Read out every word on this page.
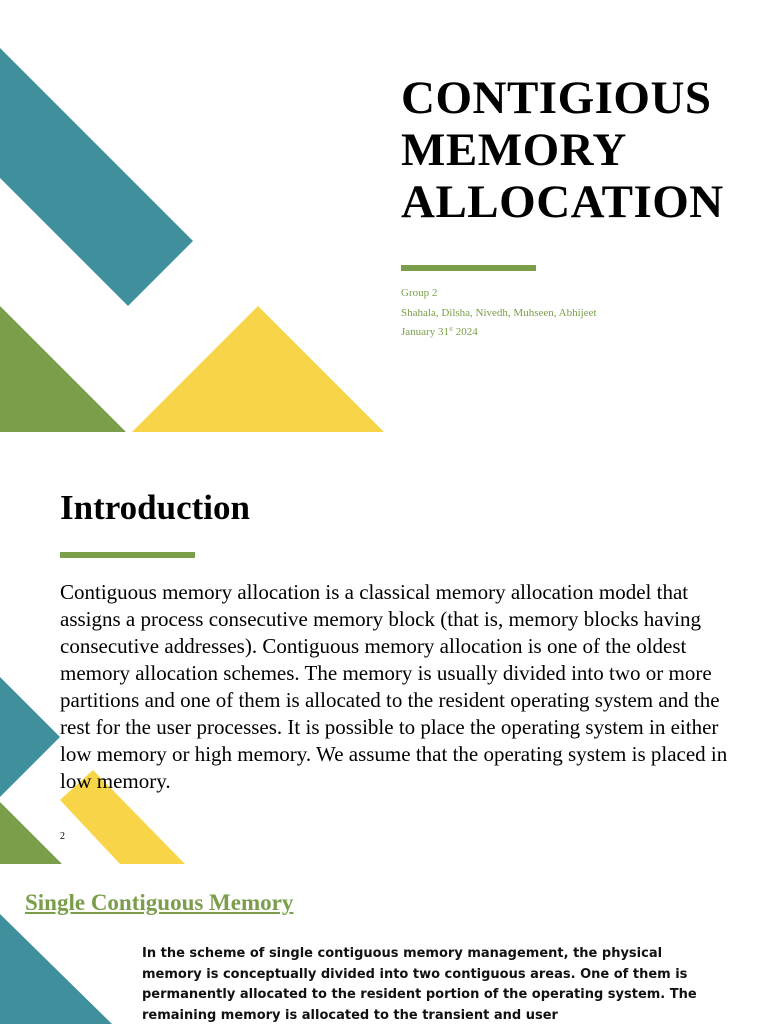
CONTIGIOUS
MEMORY
ALLOCATION
Group 2
Shahala, Dilsha, Nivedh, Muhseen, Abhijeet
January 31st 2024
Introduction

Contiguous memory allocation is a classical memory allocation model that assigns a process consecutive memory block (that is, memory blocks having consecutive addresses). Contiguous memory allocation is one of the oldest memory allocation schemes. The memory is usually divided into two or more partitions and one of them is allocated to the resident operating system and the rest for the user processes. It is possible to place the operating system in either low memory or high memory. We assume that the operating system is placed in low memory.

2
Single Contiguous Memory

In the scheme of single contiguous memory management, the physical memory is conceptually divided into two contiguous areas. One of them is permanently allocated to the resident portion of the operating system. The remaining memory is allocated to the transient and user
